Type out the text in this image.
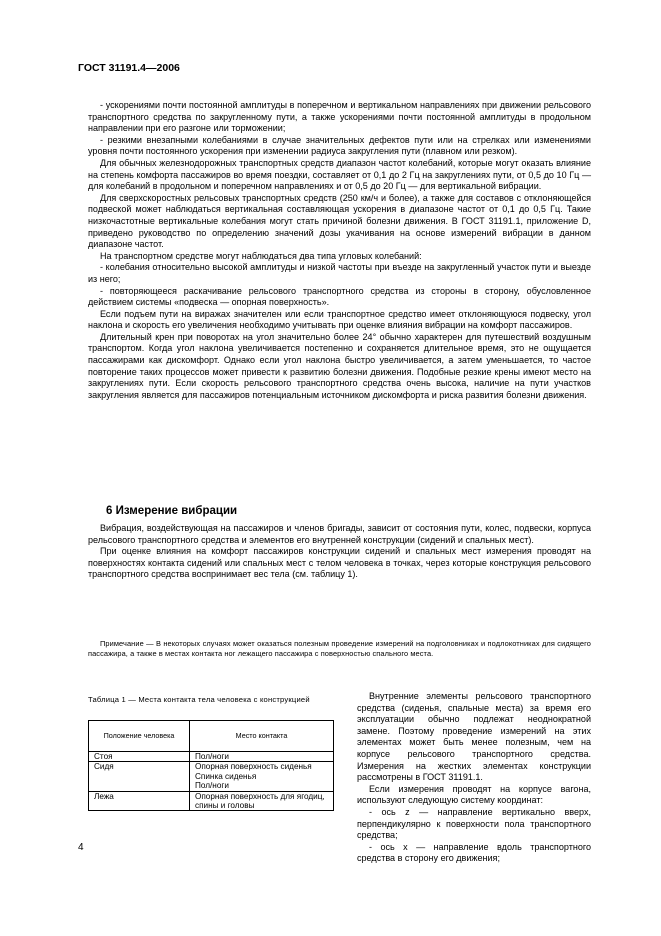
ГОСТ 31191.4—2006

- ускорениями почти постоянной амплитуды в поперечном и вертикальном направлениях при движении рельсового транспортного средства по закругленному пути, а также ускорениями почти постоянной амплитуды в продольном направлении при его разгоне или торможении;

- резкими внезапными колебаниями в случае значительных дефектов пути или на стрелках или изменениями уровня почти постоянного ускорения при изменении радиуса закругления пути (плавном или резком).

Для обычных железнодорожных транспортных средств диапазон частот колебаний, которые могут оказать влияние на степень комфорта пассажиров во время поездки, составляет от 0,1 до 2 Гц на закруглениях пути, от 0,5 до 10 Гц — для колебаний в продольном и поперечном направлениях и от 0,5 до 20 Гц — для вертикальной вибрации.

Для сверхскоростных рельсовых транспортных средств (250 км/ч и более), а также для составов с отклоняющейся подвеской может наблюдаться вертикальная составляющая ускорения в диапазоне частот от 0,1 до 0,5 Гц. Такие низкочастотные вертикальные колебания могут стать причиной болезни движения. В ГОСТ 31191.1, приложение D, приведено руководство по определению значений дозы укачивания на основе измерений вибрации в данном диапазоне частот.

На транспортном средстве могут наблюдаться два типа угловых колебаний:

- колебания относительно высокой амплитуды и низкой частоты при въезде на закругленный участок пути и выезде из него;

- повторяющееся раскачивание рельсового транспортного средства из стороны в сторону, обусловленное действием системы «подвеска — опорная поверхность».

Если подъем пути на виражах значителен или если транспортное средство имеет отклоняющуюся подвеску, угол наклона и скорость его увеличения необходимо учитывать при оценке влияния вибрации на комфорт пассажиров.

Длительный крен при поворотах на угол значительно более 24° обычно характерен для путешествий воздушным транспортом. Когда угол наклона увеличивается постепенно и сохраняется длительное время, это не ощущается пассажирами как дискомфорт. Однако если угол наклона быстро увеличивается, а затем уменьшается, то частое повторение таких процессов может привести к развитию болезни движения. Подобные резкие крены имеют место на закруглениях пути. Если скорость рельсового транспортного средства очень высока, наличие на пути участков закругления является для пассажиров потенциальным источником дискомфорта и риска развития болезни движения.

6 Измерение вибрации

Вибрация, воздействующая на пассажиров и членов бригады, зависит от состояния пути, колес, подвески, корпуса рельсового транспортного средства и элементов его внутренней конструкции (сидений и спальных мест).

При оценке влияния на комфорт пассажиров конструкции сидений и спальных мест измерения проводят на поверхностях контакта сидений или спальных мест с телом человека в точках, через которые конструкция рельсового транспортного средства воспринимает вес тела (см. таблицу 1).

Примечание — В некоторых случаях может оказаться полезным проведение измерений на подголовниках и подлокотниках для сидящего пассажира, а также в местах контакта ног лежащего пассажира с поверхностью спального места.

Таблица 1 — Места контакта тела человека с конструкцией
Положение человека	Место контакта
Стоя	Пол/ноги

Сидя	Опорная поверхность сиденья
Спинка сиденья
Пол/ноги

Лежа	Опорная поверхность для ягодиц, спины и головы

Внутренние элементы рельсового транспортного средства (сиденья, спальные места) за время его эксплуатации обычно подлежат неоднократной замене. Поэтому проведение измерений на этих элементах может быть менее полезным, чем на корпусе рельсового транспортного средства. Измерения на жестких элементах конструкции рассмотрены в ГОСТ 31191.1.

Если измерения проводят на корпусе вагона, используют следующую систему координат:

- ось z — направление вертикально вверх, перпендикулярно к поверхности пола транспортного средства;

- ось x — направление вдоль транспортного средства в сторону его движения;

4
